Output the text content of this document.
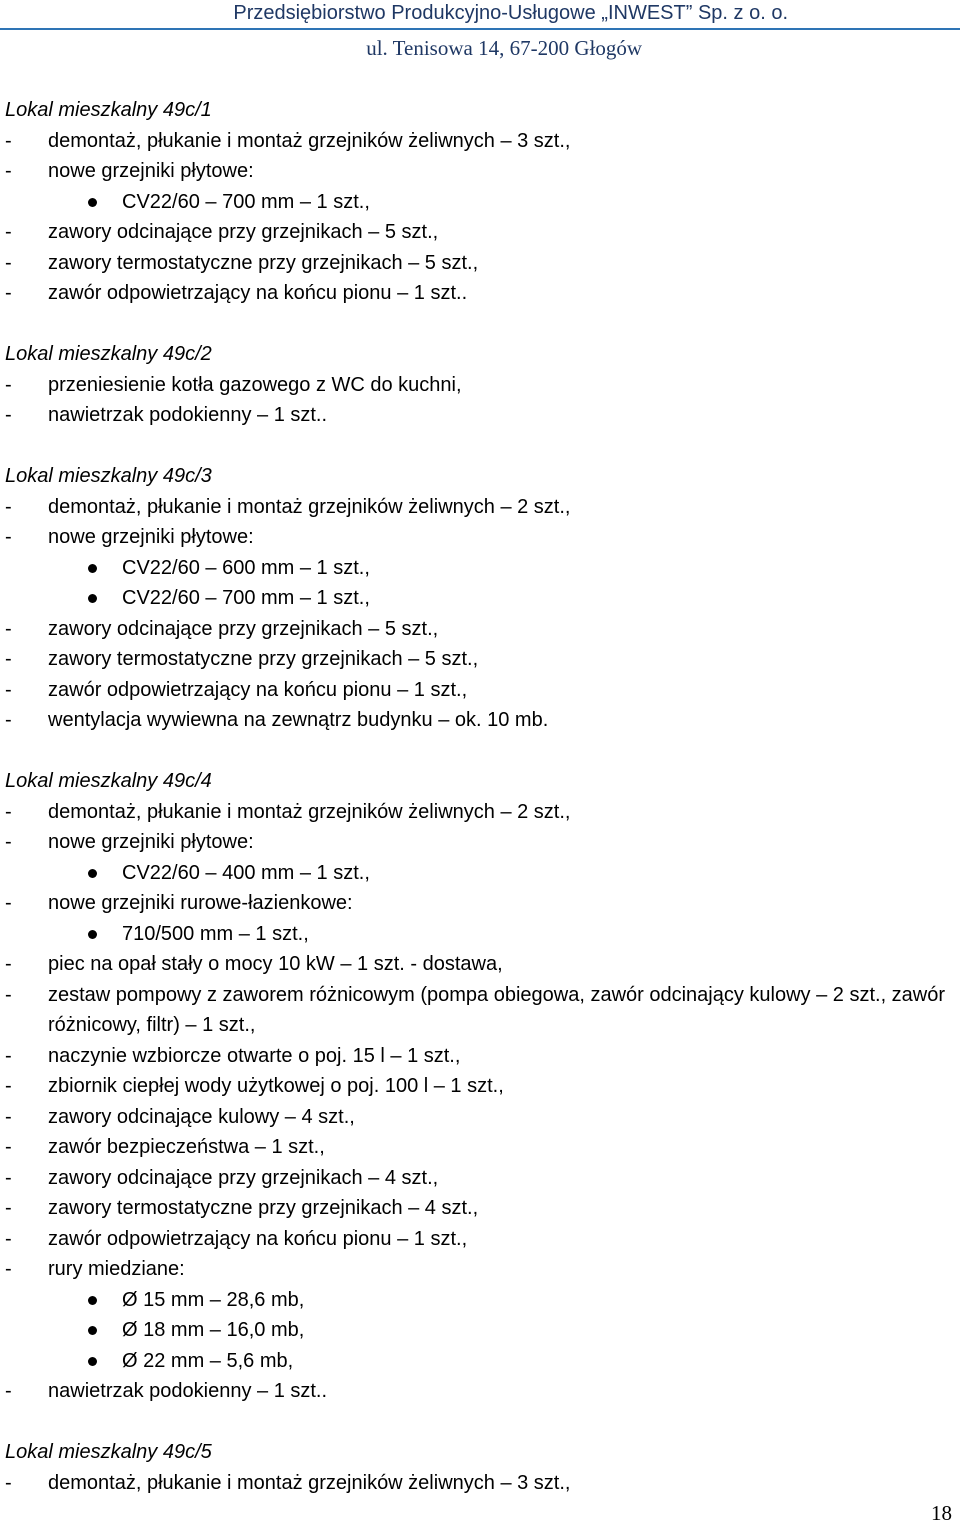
Przedsiębiorstwo Produkcyjno-Usługowe „INWEST” Sp. z o. o.
ul. Tenisowa 14, 67-200 Głogów
Lokal mieszkalny 49c/1
- demontaż, płukanie i montaż grzejników żeliwnych – 3 szt.,
- nowe grzejniki płytowe:
CV22/60 – 700 mm – 1 szt.,
- zawory odcinające przy grzejnikach – 5 szt.,
- zawory termostatyczne przy grzejnikach – 5 szt.,
- zawór odpowietrzający na końcu pionu – 1 szt..
Lokal mieszkalny 49c/2
- przeniesienie kotła gazowego z WC do kuchni,
- nawietrzak podokienny – 1 szt..
Lokal mieszkalny 49c/3
- demontaż, płukanie i montaż grzejników żeliwnych – 2 szt.,
- nowe grzejniki płytowe:
CV22/60 – 600 mm – 1 szt.,
CV22/60 – 700 mm – 1 szt.,
- zawory odcinające przy grzejnikach – 5 szt.,
- zawory termostatyczne przy grzejnikach – 5 szt.,
- zawór odpowietrzający na końcu pionu – 1 szt.,
- wentylacja wywiewna na zewnątrz budynku – ok. 10 mb.
Lokal mieszkalny 49c/4
- demontaż, płukanie i montaż grzejników żeliwnych – 2 szt.,
- nowe grzejniki płytowe:
CV22/60 – 400 mm – 1 szt.,
- nowe grzejniki rurowe-łazienkowe:
710/500 mm – 1 szt.,
- piec na opał stały o mocy 10 kW – 1 szt. - dostawa,
- zestaw pompowy z zaworem różnicowym (pompa obiegowa, zawór odcinający kulowy – 2 szt., zawór różnicowy, filtr) – 1 szt.,
- naczynie wzbiorcze otwarte o poj. 15 l – 1 szt.,
- zbiornik ciepłej wody użytkowej o poj. 100 l – 1 szt.,
- zawory odcinające kulowy – 4 szt.,
- zawór bezpieczeństwa – 1 szt.,
- zawory odcinające przy grzejnikach – 4 szt.,
- zawory termostatyczne przy grzejnikach – 4 szt.,
- zawór odpowietrzający na końcu pionu – 1 szt.,
- rury miedziane:
Ø 15 mm – 28,6 mb,
Ø 18 mm – 16,0 mb,
Ø 22 mm – 5,6 mb,
- nawietrzak podokienny – 1 szt..
Lokal mieszkalny 49c/5
- demontaż, płukanie i montaż grzejników żeliwnych – 3 szt.,
18
